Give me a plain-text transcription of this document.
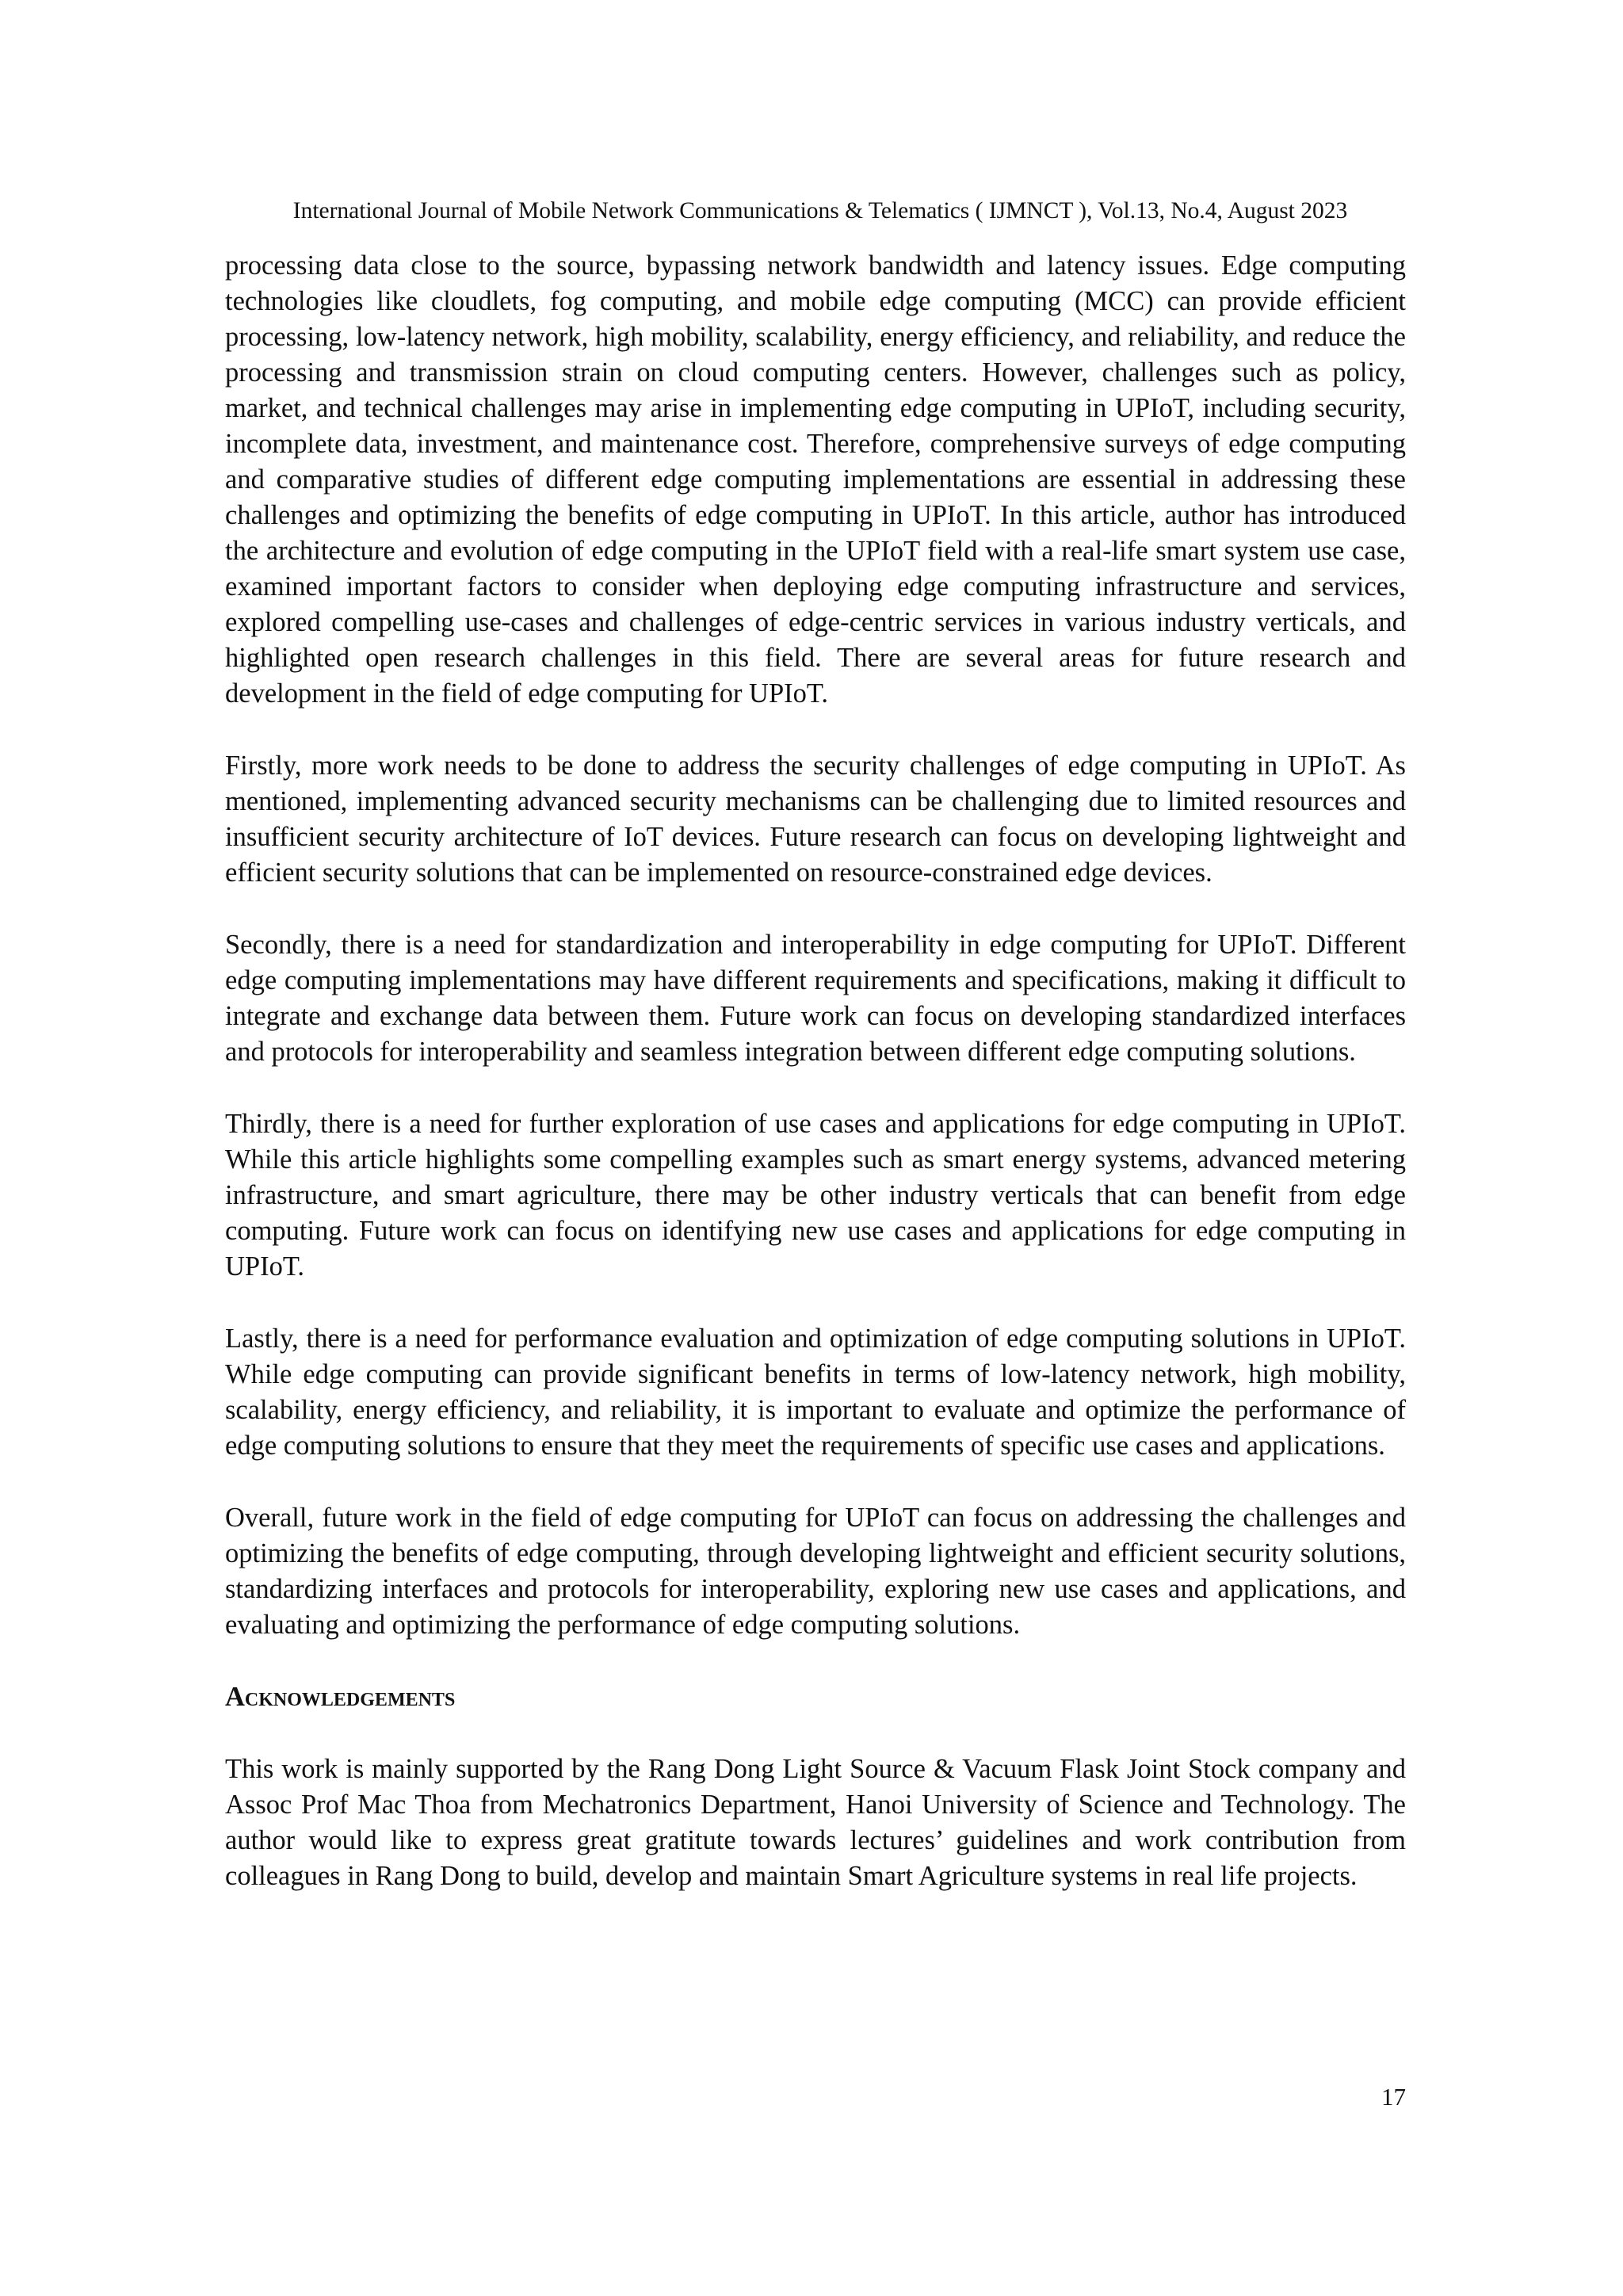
International Journal of Mobile Network Communications & Telematics ( IJMNCT ), Vol.13, No.4, August 2023

processing data close to the source, bypassing network bandwidth and latency issues. Edge computing technologies like cloudlets, fog computing, and mobile edge computing (MCC) can provide efficient processing, low-latency network, high mobility, scalability, energy efficiency, and reliability, and reduce the processing and transmission strain on cloud computing centers. However, challenges such as policy, market, and technical challenges may arise in implementing edge computing in UPIoT, including security, incomplete data, investment, and maintenance cost. Therefore, comprehensive surveys of edge computing and comparative studies of different edge computing implementations are essential in addressing these challenges and optimizing the benefits of edge computing in UPIoT. In this article, author has introduced the architecture and evolution of edge computing in the UPIoT field with a real-life smart system use case, examined important factors to consider when deploying edge computing infrastructure and services, explored compelling use-cases and challenges of edge-centric services in various industry verticals, and highlighted open research challenges in this field. There are several areas for future research and development in the field of edge computing for UPIoT.

Firstly, more work needs to be done to address the security challenges of edge computing in UPIoT. As mentioned, implementing advanced security mechanisms can be challenging due to limited resources and insufficient security architecture of IoT devices. Future research can focus on developing lightweight and efficient security solutions that can be implemented on resource-constrained edge devices.

Secondly, there is a need for standardization and interoperability in edge computing for UPIoT. Different edge computing implementations may have different requirements and specifications, making it difficult to integrate and exchange data between them. Future work can focus on developing standardized interfaces and protocols for interoperability and seamless integration between different edge computing solutions.

Thirdly, there is a need for further exploration of use cases and applications for edge computing in UPIoT. While this article highlights some compelling examples such as smart energy systems, advanced metering infrastructure, and smart agriculture, there may be other industry verticals that can benefit from edge computing. Future work can focus on identifying new use cases and applications for edge computing in UPIoT.

Lastly, there is a need for performance evaluation and optimization of edge computing solutions in UPIoT. While edge computing can provide significant benefits in terms of low-latency network, high mobility, scalability, energy efficiency, and reliability, it is important to evaluate and optimize the performance of edge computing solutions to ensure that they meet the requirements of specific use cases and applications.

Overall, future work in the field of edge computing for UPIoT can focus on addressing the challenges and optimizing the benefits of edge computing, through developing lightweight and efficient security solutions, standardizing interfaces and protocols for interoperability, exploring new use cases and applications, and evaluating and optimizing the performance of edge computing solutions.

Acknowledgements

This work is mainly supported by the Rang Dong Light Source & Vacuum Flask Joint Stock company and Assoc Prof Mac Thoa from Mechatronics Department, Hanoi University of Science and Technology. The author would like to express great gratitute towards lectures’ guidelines and work contribution from colleagues in Rang Dong to build, develop and maintain Smart Agriculture systems in real life projects.

17
